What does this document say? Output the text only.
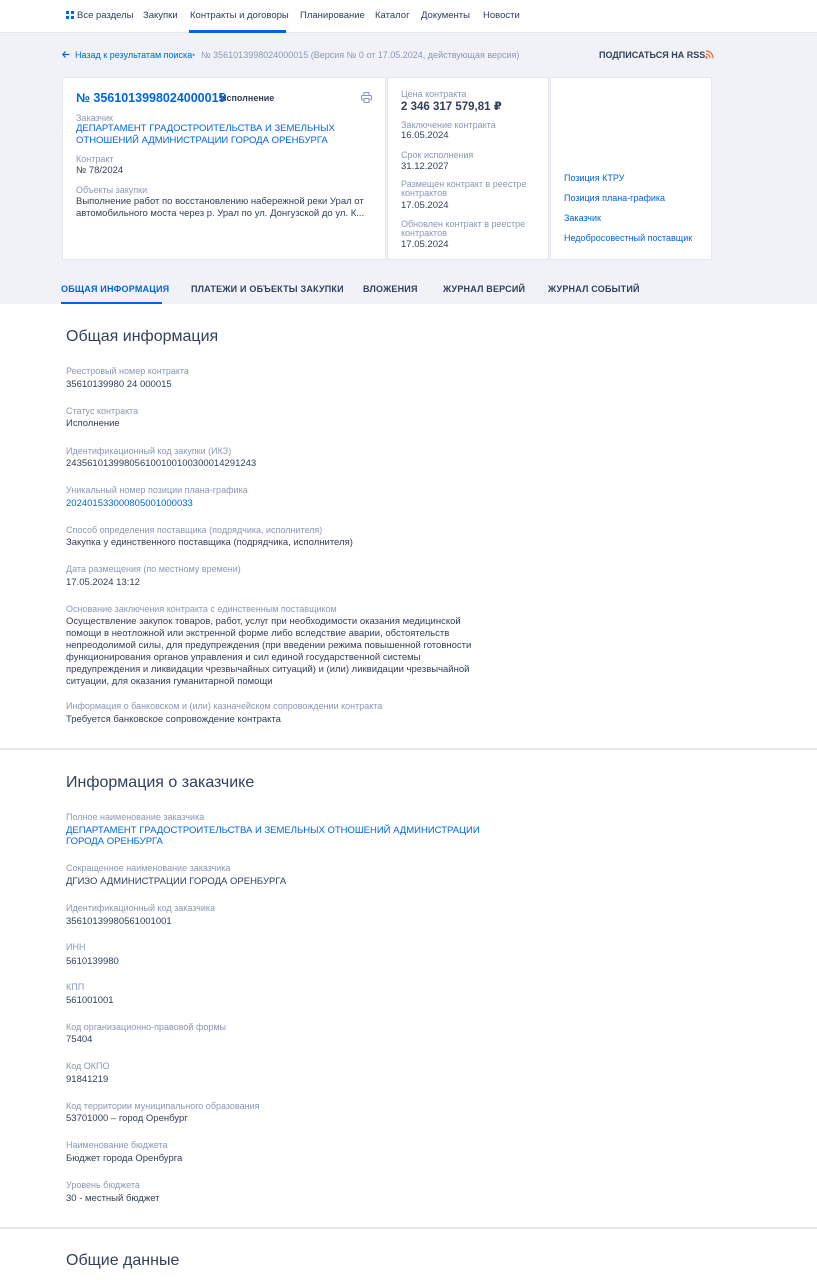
Все разделы Закупки Контракты и договоры Планирование Каталог Документы Новости
Назад к результатам поиска • № 3561013998024000015 (Версия № 0 от 17.05.2024, действующая версия)	ПОДПИСАТЬСЯ НА RSS
№ 3561013998024000015
Исполнение
Заказчик
ДЕПАРТАМЕНТ ГРАДОСТРОИТЕЛЬСТВА И ЗЕМЕЛЬНЫХ ОТНОШЕНИЙ АДМИНИСТРАЦИИ ГОРОДА ОРЕНБУРГА
Контракт
№ 78/2024
Объекты закупки
Выполнение работ по восстановлению набережной реки Урал от автомобильного моста через р. Урал по ул. Донгузской до ул. К...
Цена контракта
2 346 317 579,81 ₽
Заключение контракта
16.05.2024
Срок исполнения
31.12.2027
Размещен контракт в реестре контрактов
17.05.2024
Обновлен контракт в реестре контрактов
17.05.2024
Позиция КТРУ
Позиция плана-графика
Заказчик
Недобросовестный поставщик
ОБЩАЯ ИНФОРМАЦИЯ ПЛАТЕЖИ И ОБЪЕКТЫ ЗАКУПКИ ВЛОЖЕНИЯ	ЖУРНАЛ ВЕРСИЙ	ЖУРНАЛ СОБЫТИЙ
Общая информация
Реестровый номер контракта
35610139980 24 000015
Статус контракта
Исполнение
Идентификационный код закупки (ИКЗ)
243561013998056100100100300014291243
Уникальный номер позиции плана-графика
202401533000805001000033
Способ определения поставщика (подрядчика, исполнителя)
Закупка у единственного поставщика (подрядчика, исполнителя)
Дата размещения (по местному времени)
17.05.2024 13:12
Основание заключения контракта с единственным поставщиком
Осуществление закупок товаров, работ, услуг при необходимости оказания медицинской помощи в неотложной или экстренной форме либо вследствие аварии, обстоятельств непреодолимой силы, для предупреждения (при введении режима повышенной готовности функционирования органов управления и сил единой государственной системы предупреждения и ликвидации чрезвычайных ситуаций) и (или) ликвидации чрезвычайной ситуации, для оказания гуманитарной помощи
Информация о банковском и (или) казначейском сопровождении контракта
Требуется банковское сопровождение контракта
Информация о заказчике
Полное наименование заказчика
ДЕПАРТАМЕНТ ГРАДОСТРОИТЕЛЬСТВА И ЗЕМЕЛЬНЫХ ОТНОШЕНИЙ АДМИНИСТРАЦИИ ГОРОДА ОРЕНБУРГА
Сокращенное наименование заказчика
ДГИЗО АДМИНИСТРАЦИИ ГОРОДА ОРЕНБУРГА
Идентификационный код заказчика
35610139980561001001
ИНН
5610139980
КПП
561001001
Код организационно-правовой формы
75404
Код ОКПО
91841219
Код территории муниципального образования
53701000 – город Оренбург
Наименование бюджета
Бюджет города Оренбурга
Уровень бюджета
30 - местный бюджет
Общие данные
